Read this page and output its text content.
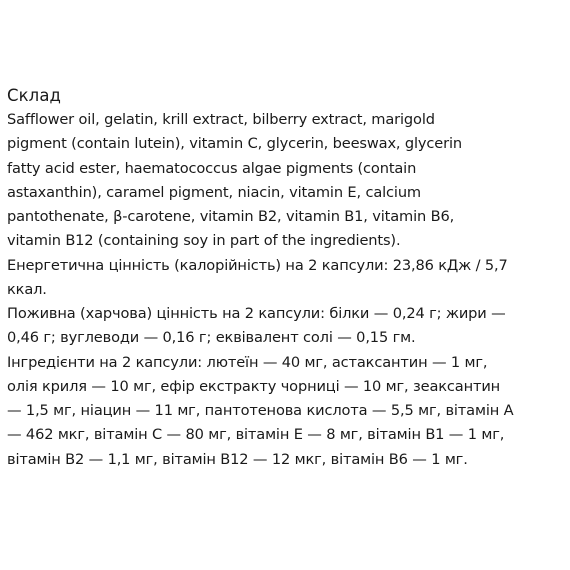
Склад
Safflower oil, gelatin, krill extract, bilberry extract, marigold
pigment (contain lutein), vitamin C, glycerin, beeswax, glycerin
fatty acid ester, haematococcus algae pigments (contain
astaxanthin), caramel pigment, niacin, vitamin E, calcium
pantothenate, β-carotene, vitamin B2, vitamin B1, vitamin B6,
vitamin B12 (containing soy in part of the ingredients).
Енергетична цінність (калорійність) на 2 капсули: 23,86 кДж / 5,7
ккал.
Поживна (харчова) цінність на 2 капсули: білки — 0,24 г; жири —
0,46 г; вуглеводи — 0,16 г; еквівалент солі — 0,15 гм.
Інгредієнти на 2 капсули: лютеїн — 40 мг, астаксантин — 1 мг,
олія криля — 10 мг, ефір екстракту чорниці — 10 мг, зеаксантин
— 1,5 мг, ніацин — 11 мг, пантотенова кислота — 5,5 мг, вітамін А
— 462 мкг, вітамін С — 80 мг, вітамін Е — 8 мг, вітамін В1 — 1 мг,
вітамін В2 — 1,1 мг, вітамін В12 — 12 мкг, вітамін В6 — 1 мг.
